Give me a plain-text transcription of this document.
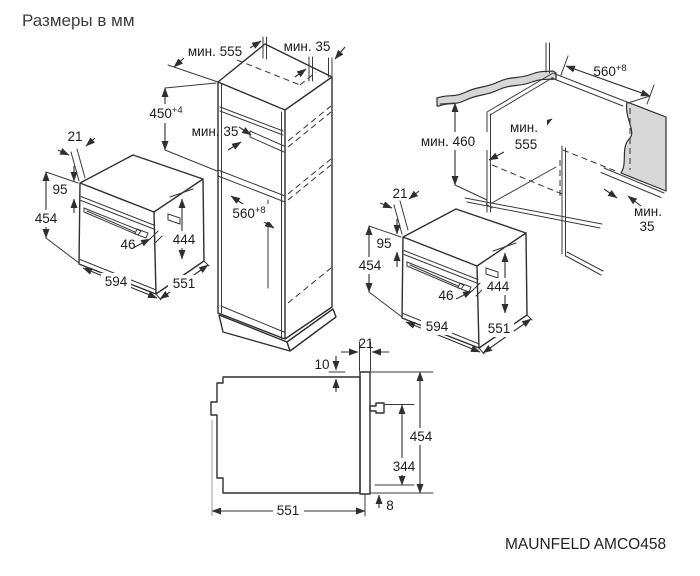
Размеры в мм
мин. 555	мин. 35
$450^{+4}$
мин. 35
$560^{+8}$
21
95
454
46	444
594	551
$560^{+8}$
мин. 460
мин.
555
мин.
35
21
95
454
46
444
594	551
21
10
454
344
8
551
MAUNFELD AMCO458
